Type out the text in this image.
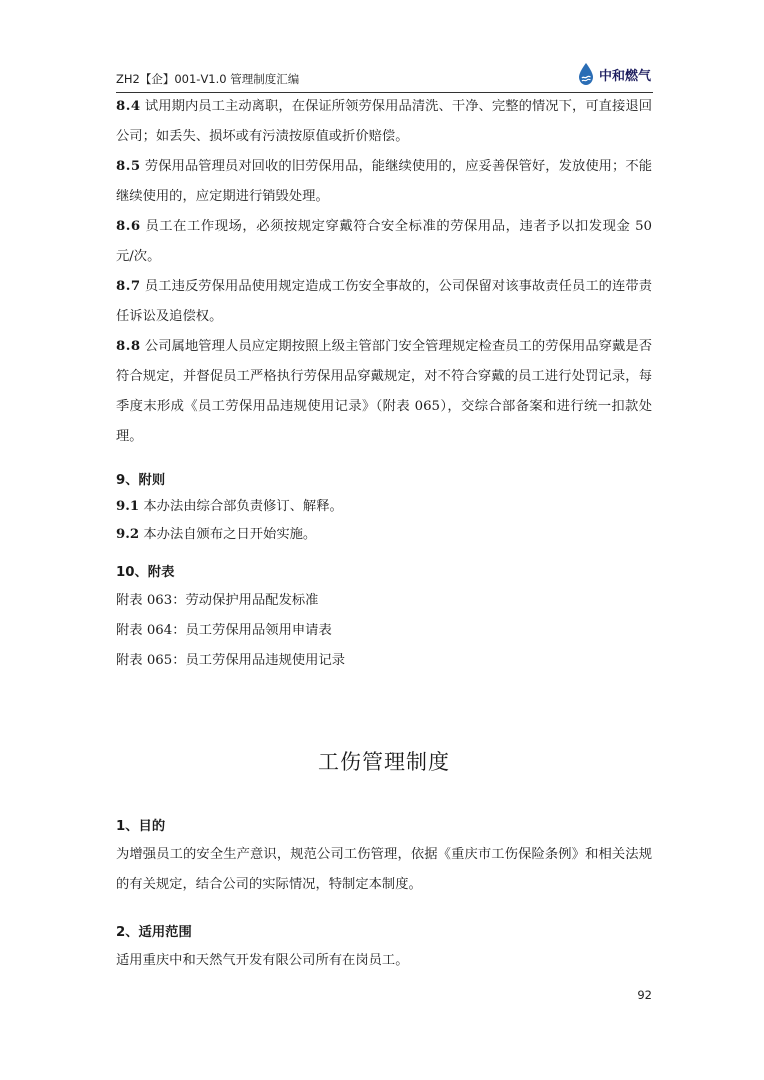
ZH2【企】001-V1.0 管理制度汇编	中和燃气

8.4 试用期内员工主动离职，在保证所领劳保用品清洗、干净、完整的情况下，可直接退回公司；如丢失、损坏或有污渍按原值或折价赔偿。

8.5 劳保用品管理员对回收的旧劳保用品，能继续使用的，应妥善保管好，发放使用；不能继续使用的，应定期进行销毁处理。

8.6 员工在工作现场，必须按规定穿戴符合安全标准的劳保用品，违者予以扣发现金 50 元/次。

8.7 员工违反劳保用品使用规定造成工伤安全事故的，公司保留对该事故责任员工的连带责任诉讼及追偿权。

8.8 公司属地管理人员应定期按照上级主管部门安全管理规定检查员工的劳保用品穿戴是否符合规定，并督促员工严格执行劳保用品穿戴规定，对不符合穿戴的员工进行处罚记录，每季度末形成《员工劳保用品违规使用记录》（附表 065），交综合部备案和进行统一扣款处理。

9、附则

9.1 本办法由综合部负责修订、解释。

9.2 本办法自颁布之日开始实施。

10、附表

附表 063：劳动保护用品配发标准

附表 064：员工劳保用品领用申请表

附表 065：员工劳保用品违规使用记录

工伤管理制度

1、目的

为增强员工的安全生产意识，规范公司工伤管理，依据《重庆市工伤保险条例》和相关法规的有关规定，结合公司的实际情况，特制定本制度。

2、适用范围

适用重庆中和天然气开发有限公司所有在岗员工。

92
